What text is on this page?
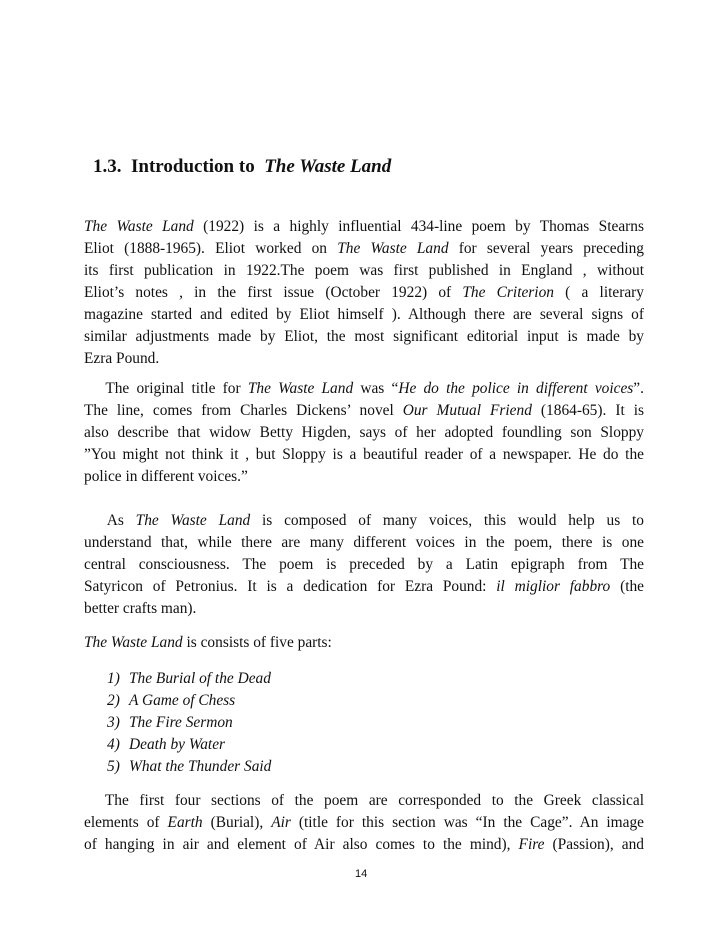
1.3. Introduction to The Waste Land
The Waste Land (1922) is a highly influential 434-line poem by Thomas Stearns
Eliot (1888-1965). Eliot worked on The Waste Land for several years preceding
its first publication in 1922.The poem was first published in England , without
Eliot’s notes , in the first issue (October 1922) of The Criterion ( a literary
magazine started and edited by Eliot himself ). Although there are several signs of
similar adjustments made by Eliot, the most significant editorial input is made by
Ezra Pound.
The original title for The Waste Land was “He do the police in different voices”.
The line, comes from Charles Dickens’ novel Our Mutual Friend (1864-65). It is
also describe that widow Betty Higden, says of her adopted foundling son Sloppy
”You might not think it , but Sloppy is a beautiful reader of a newspaper. He do the
police in different voices.”
As The Waste Land is composed of many voices, this would help us to
understand that, while there are many different voices in the poem, there is one
central consciousness. The poem is preceded by a Latin epigraph from The
Satyricon of Petronius. It is a dedication for Ezra Pound: il miglior fabbro (the
better crafts man).
The Waste Land is consists of five parts:
1) The Burial of the Dead
2) A Game of Chess
3) The Fire Sermon
4) Death by Water
5) What the Thunder Said
The first four sections of the poem are corresponded to the Greek classical
elements of Earth (Burial), Air (title for this section was “In the Cage”. An image
of hanging in air and element of Air also comes to the mind), Fire (Passion), and
14
